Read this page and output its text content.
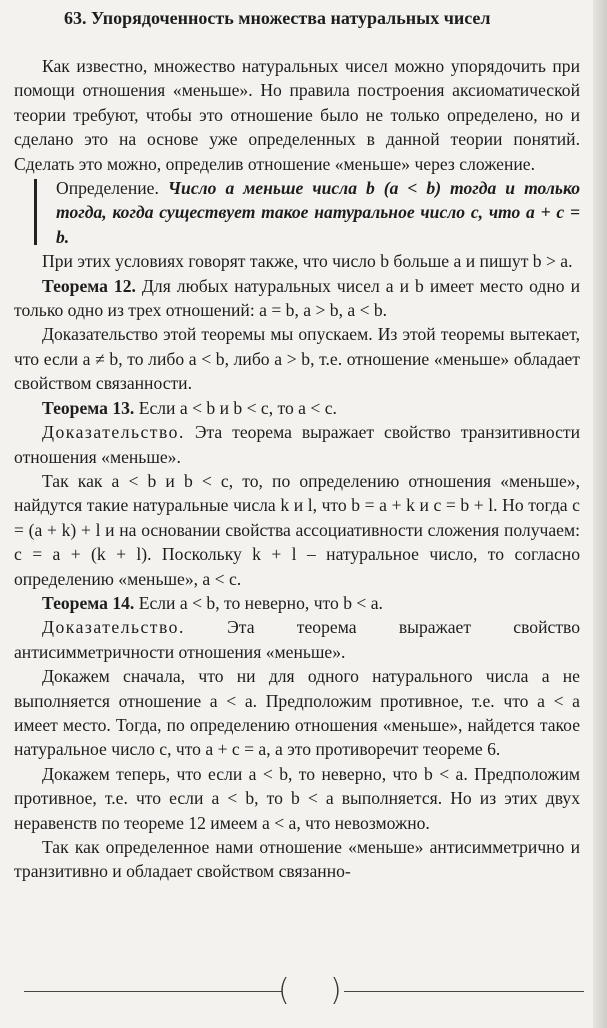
63. Упорядоченность множества натуральных чисел

Как известно, множество натуральных чисел можно упорядочить при помощи отношения «меньше». Но правила построения аксиоматической теории требуют, чтобы это отношение было не только определено, но и сделано это на основе уже определенных в данной теории понятий. Сделать это можно, определив отношение «меньше» через сложение.

Определение. Число a меньше числа b (a < b) тогда и только тогда, когда существует такое натуральное число c, что a + c = b.

При этих условиях говорят также, что число b больше a и пишут b > a.

Теорема 12. Для любых натуральных чисел a и b имеет место одно и только одно из трех отношений: a = b, a > b, a < b.

Доказательство этой теоремы мы опускаем. Из этой теоремы вытекает, что если a ≠ b, то либо a < b, либо a > b, т.е. отношение «меньше» обладает свойством связанности.

Теорема 13. Если a < b и b < c, то a < c.

Доказательство. Эта теорема выражает свойство транзитивности отношения «меньше».

Так как a < b и b < c, то, по определению отношения «меньше», найдутся такие натуральные числа k и l, что b = a + k и c = b + l. Но тогда c = (a + k) + l и на основании свойства ассоциативности сложения получаем: c = a + (k + l). Поскольку k + l – натуральное число, то согласно определению «меньше», a < c.

Теорема 14. Если a < b, то неверно, что b < a.

Доказательство. Эта теорема выражает свойство антисимметричности отношения «меньше».

Докажем сначала, что ни для одного натурального числа a не выполняется отношение a < a. Предположим противное, т.е. что a < a имеет место. Тогда, по определению отношения «меньше», найдется такое натуральное число c, что a + c = a, а это противоречит теореме 6.

Докажем теперь, что если a < b, то неверно, что b < a. Предположим противное, т.е. что если a < b, то b < a выполняется. Но из этих двух неравенств по теореме 12 имеем a < a, что невозможно.

Так как определенное нами отношение «меньше» антисимметрично и транзитивно и обладает свойством связанно-

( )
